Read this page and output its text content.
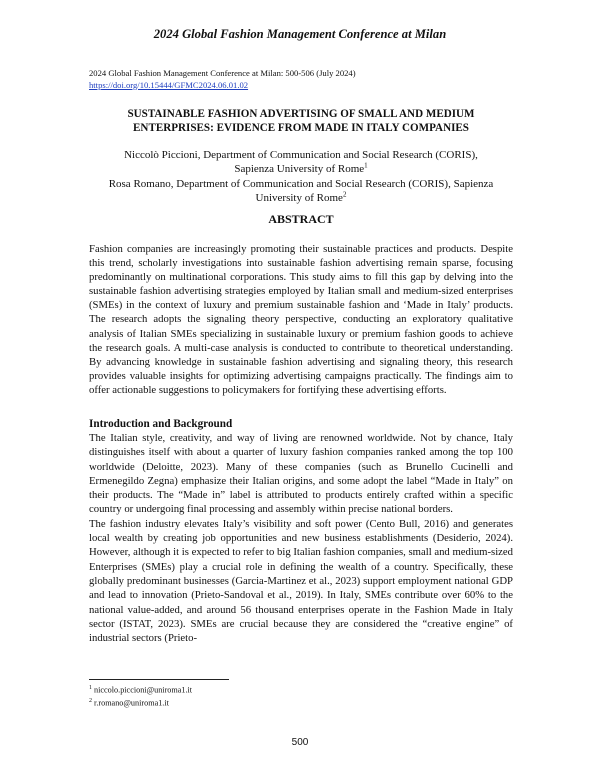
2024 Global Fashion Management Conference at Milan
2024 Global Fashion Management Conference at Milan: 500-506 (July 2024)
https://doi.org/10.15444/GFMC2024.06.01.02
SUSTAINABLE FASHION ADVERTISING OF SMALL AND MEDIUM
ENTERPRISES: EVIDENCE FROM MADE IN ITALY COMPANIES
Niccolò Piccioni, Department of Communication and Social Research (CORIS),
Sapienza University of Rome$^1$
Rosa Romano, Department of Communication and Social Research (CORIS), Sapienza
University of Rome$^2$
ABSTRACT
Fashion companies are increasingly promoting their sustainable practices and products. Despite this trend, scholarly investigations into sustainable fashion advertising remain sparse, focusing predominantly on multinational corporations. This study aims to fill this gap by delving into the sustainable fashion advertising strategies employed by Italian small and medium-sized enterprises (SMEs) in the context of luxury and premium sustainable fashion and ‘Made in Italy’ products. The research adopts the signaling theory perspective, conducting an exploratory qualitative analysis of Italian SMEs specializing in sustainable luxury or premium fashion goods to achieve the research goals. A multi-case analysis is conducted to contribute to theoretical understanding. By advancing knowledge in sustainable fashion advertising and signaling theory, this research provides valuable insights for optimizing advertising campaigns practically. The findings aim to offer actionable suggestions to policymakers for fortifying these advertising efforts.
Introduction and Background

The Italian style, creativity, and way of living are renowned worldwide. Not by chance, Italy distinguishes itself with about a quarter of luxury fashion companies ranked among the top 100 worldwide (Deloitte, 2023). Many of these companies (such as Brunello Cucinelli and Ermenegildo Zegna) emphasize their Italian origins, and some adopt the label “Made in Italy” on their products. The “Made in” label is attributed to products entirely crafted within a specific country or undergoing final processing and assembly within precise national borders.

The fashion industry elevates Italy’s visibility and soft power (Cento Bull, 2016) and generates local wealth by creating job opportunities and new business establishments (Desiderio, 2024). However, although it is expected to refer to big Italian fashion companies, small and medium-sized Enterprises (SMEs) play a crucial role in defining the wealth of a country. Specifically, these globally predominant businesses (Garcia-Martinez et al., 2023) support employment national GDP and lead to innovation (Prieto-Sandoval et al., 2019). In Italy, SMEs contribute over 60% to the national value-added, and around 56 thousand enterprises operate in the Fashion Made in Italy sector (ISTAT, 2023). SMEs are crucial because they are considered the “creative engine” of industrial sectors (Prieto-

$^1$ niccolo.piccioni@uniroma1.it
$^2$ r.romano@uniroma1.it
500
